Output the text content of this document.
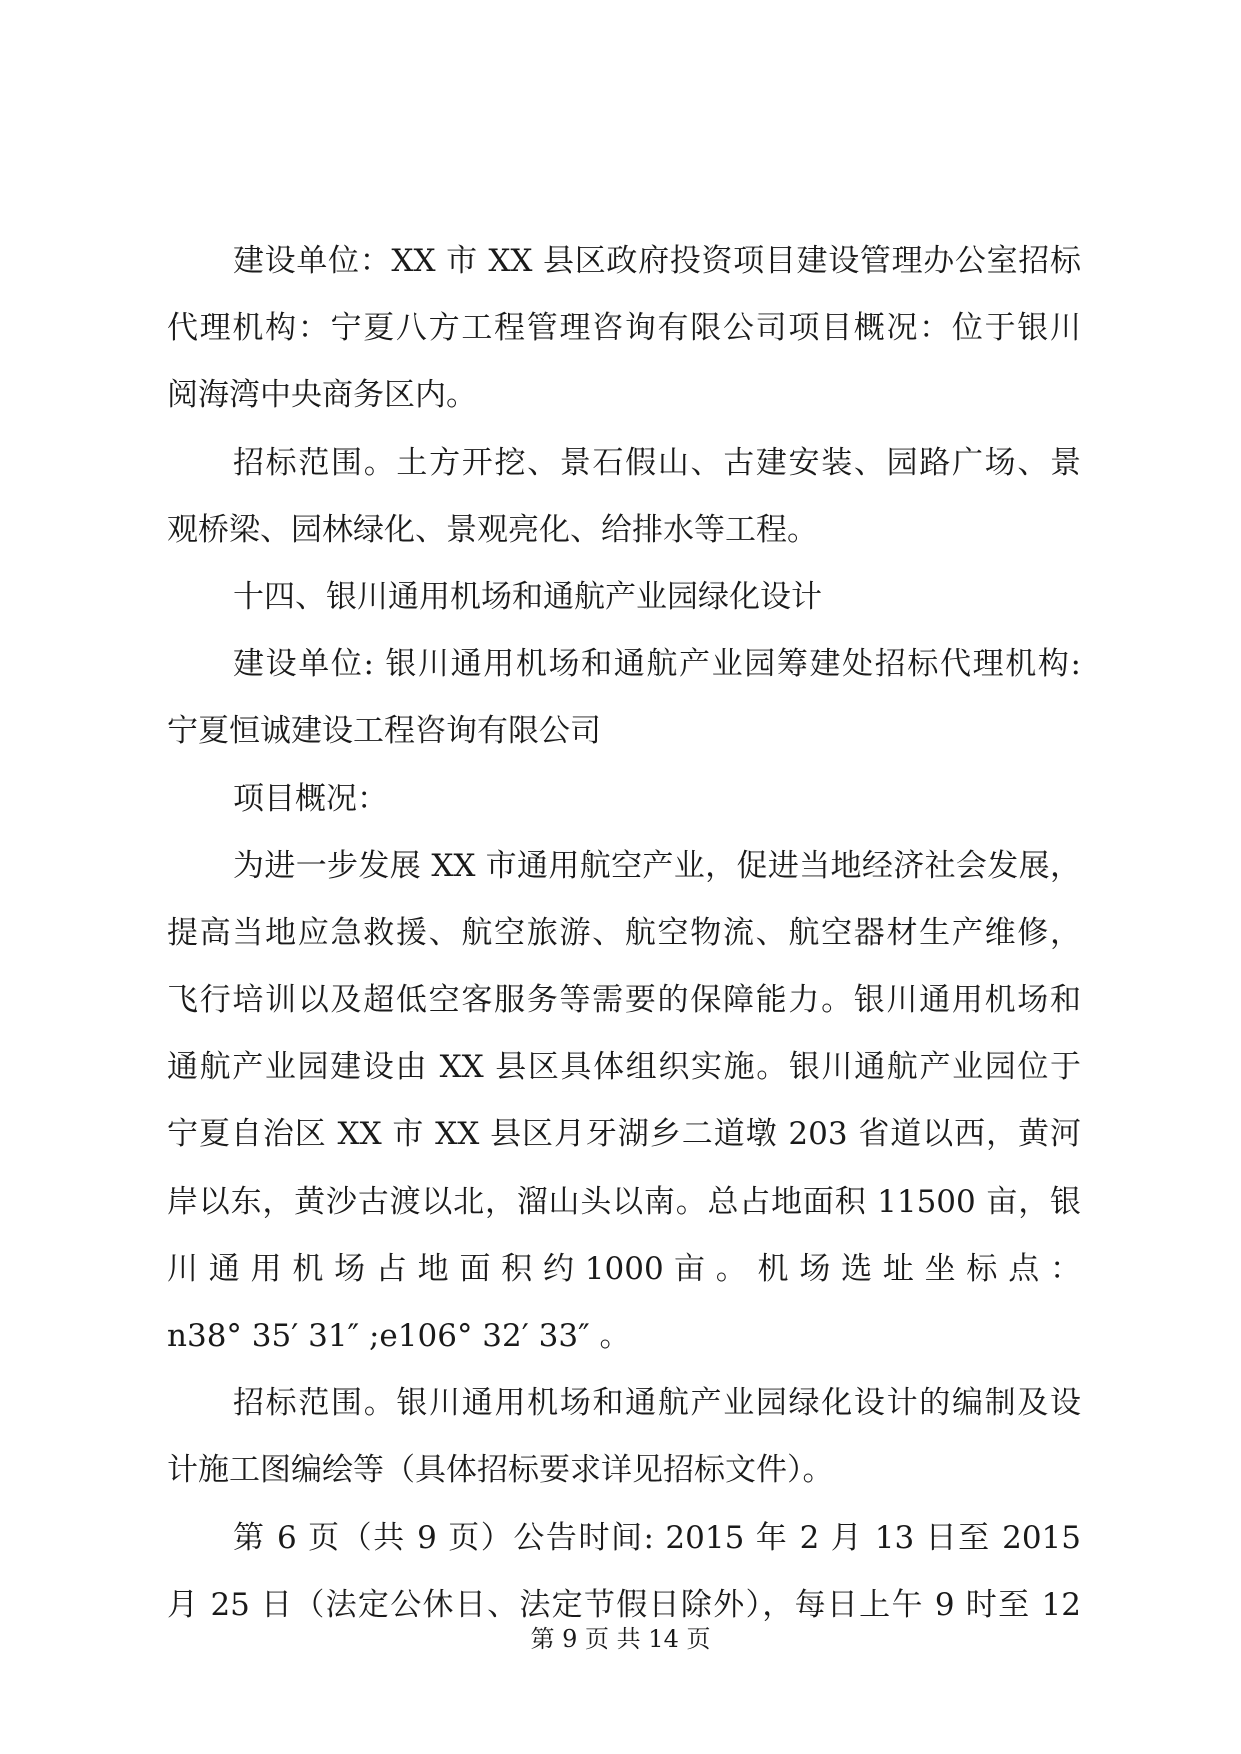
建设单位：XX 市 XX 县区政府投资项目建设管理办公室招标
代理机构：宁夏八方工程管理咨询有限公司项目概况：位于银川
阅海湾中央商务区内。
招标范围。土方开挖、景石假山、古建安装、园路广场、景
观桥梁、园林绿化、景观亮化、给排水等工程。
十四、银川通用机场和通航产业园绿化设计
建设单位: 银川通用机场和通航产业园筹建处招标代理机构:
宁夏恒诚建设工程咨询有限公司
项目概况：
为进一步发展 XX 市通用航空产业，促进当地经济社会发展，
提高当地应急救援、航空旅游、航空物流、航空器材生产维修，
飞行培训以及超低空客服务等需要的保障能力。银川通用机场和
通航产业园建设由 XX 县区具体组织实施。银川通航产业园位于
宁夏自治区 XX 市 XX 县区月牙湖乡二道墩 203 省道以西，黄河
岸以东，黄沙古渡以北，溜山头以南。总占地面积 11500 亩，银
川 通 用 机 场 占 地 面 积 约 1000 亩 。 机 场 选 址 坐 标 点 ：
n38° 35′ 31″ ;e106° 32′ 33″ 。
招标范围。银川通用机场和通航产业园绿化设计的编制及设
计施工图编绘等（具体招标要求详见招标文件）。
第 6 页（共 9 页）公告时间: 2015 年 2 月 13 日至 2015
月 25 日（法定公休日、法定节假日除外），每日上午 9 时至 12
第 9 页 共 14 页
